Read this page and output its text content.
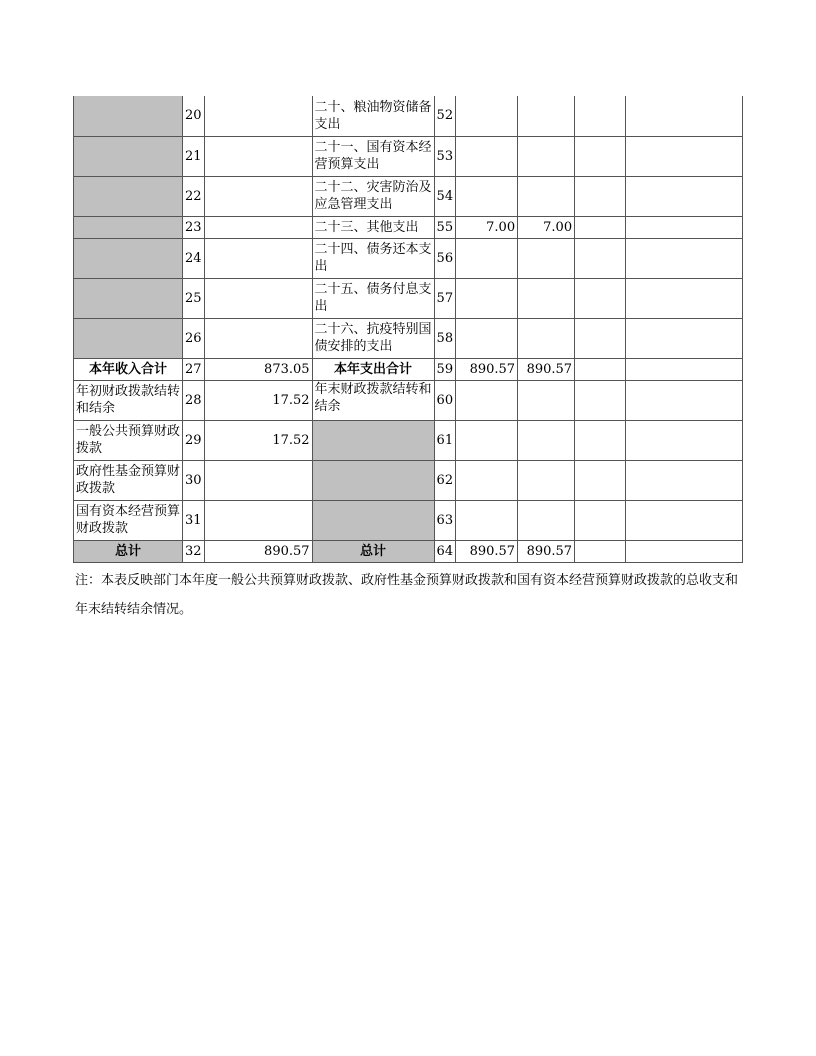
	20		二十、粮油物资储备支出	52				
	21		二十一、国有资本经营预算支出	53				
	22		二十二、灾害防治及应急管理支出	54				
	23		二十三、其他支出	55	7.00	7.00		
	24		二十四、债务还本支出	56				
	25		二十五、债务付息支出	57				
	26		二十六、抗疫特别国债安排的支出	58				
本年收入合计	27	873.05	本年支出合计	59	890.57	890.57		
年初财政拨款结转和结余	28	17.52	年末财政拨款结转和结余	60				
一般公共预算财政拨款	29	17.52		61				
政府性基金预算财政拨款	30			62				
国有资本经营预算财政拨款	31			63				
总计	32	890.57	总计	64	890.57	890.57		

注：本表反映部门本年度一般公共预算财政拨款、政府性基金预算财政拨款和国有资本经营预算财政拨款的总收支和年末结转结余情况。
